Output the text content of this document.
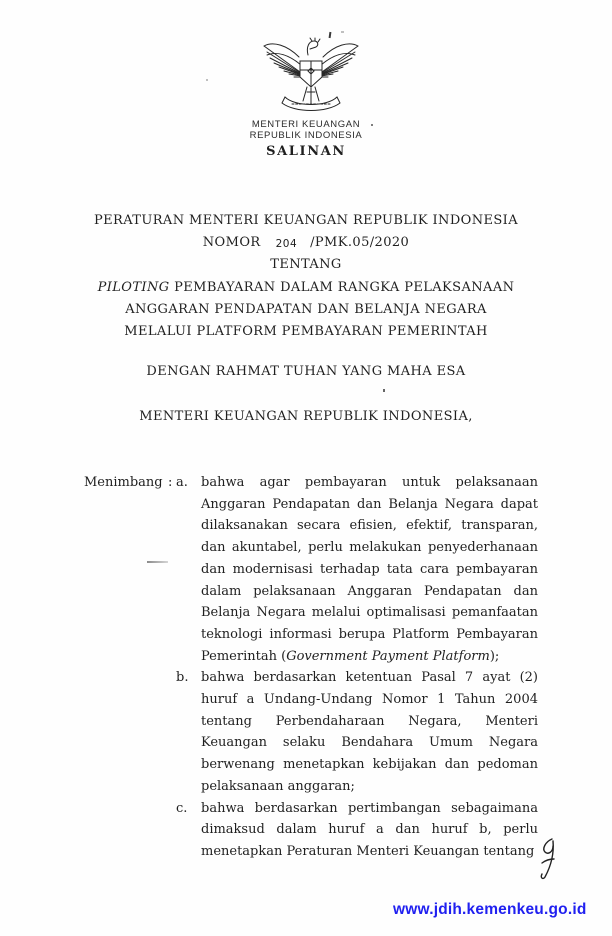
MENTERI KEUANGAN
REPUBLIK INDONESIA
SALINAN
PERATURAN MENTERI KEUANGAN REPUBLIK INDONESIA
NOMOR 204 /PMK.05/2020
TENTANG
PILOTING PEMBAYARAN DALAM RANGKA PELAKSANAAN
ANGGARAN PENDAPATAN DAN BELANJA NEGARA
MELALUI PLATFORM PEMBAYARAN PEMERINTAH
DENGAN RAHMAT TUHAN YANG MAHA ESA
MENTERI KEUANGAN REPUBLIK INDONESIA,
Menimbang : a.	bahwa agar pembayaran untuk pelaksanaan Anggaran Pendapatan dan Belanja Negara dapat dilaksanakan secara efisien, efektif, transparan, dan akuntabel, perlu melakukan penyederhanaan dan modernisasi terhadap tata cara pembayaran dalam pelaksanaan Anggaran Pendapatan dan Belanja Negara melalui optimalisasi pemanfaatan teknologi informasi berupa Platform Pembayaran Pemerintah (Government Payment Platform);
b. bahwa berdasarkan ketentuan Pasal 7 ayat (2) huruf a Undang-Undang Nomor 1 Tahun 2004 tentang Perbendaharaan Negara, Menteri Keuangan selaku Bendahara Umum Negara berwenang menetapkan kebijakan dan pedoman pelaksanaan anggaran;
c.	bahwa berdasarkan pertimbangan sebagaimana dimaksud dalam huruf a dan huruf b, perlu menetapkan Peraturan Menteri Keuangan tentang
www.jdih.kemenkeu.go.id
